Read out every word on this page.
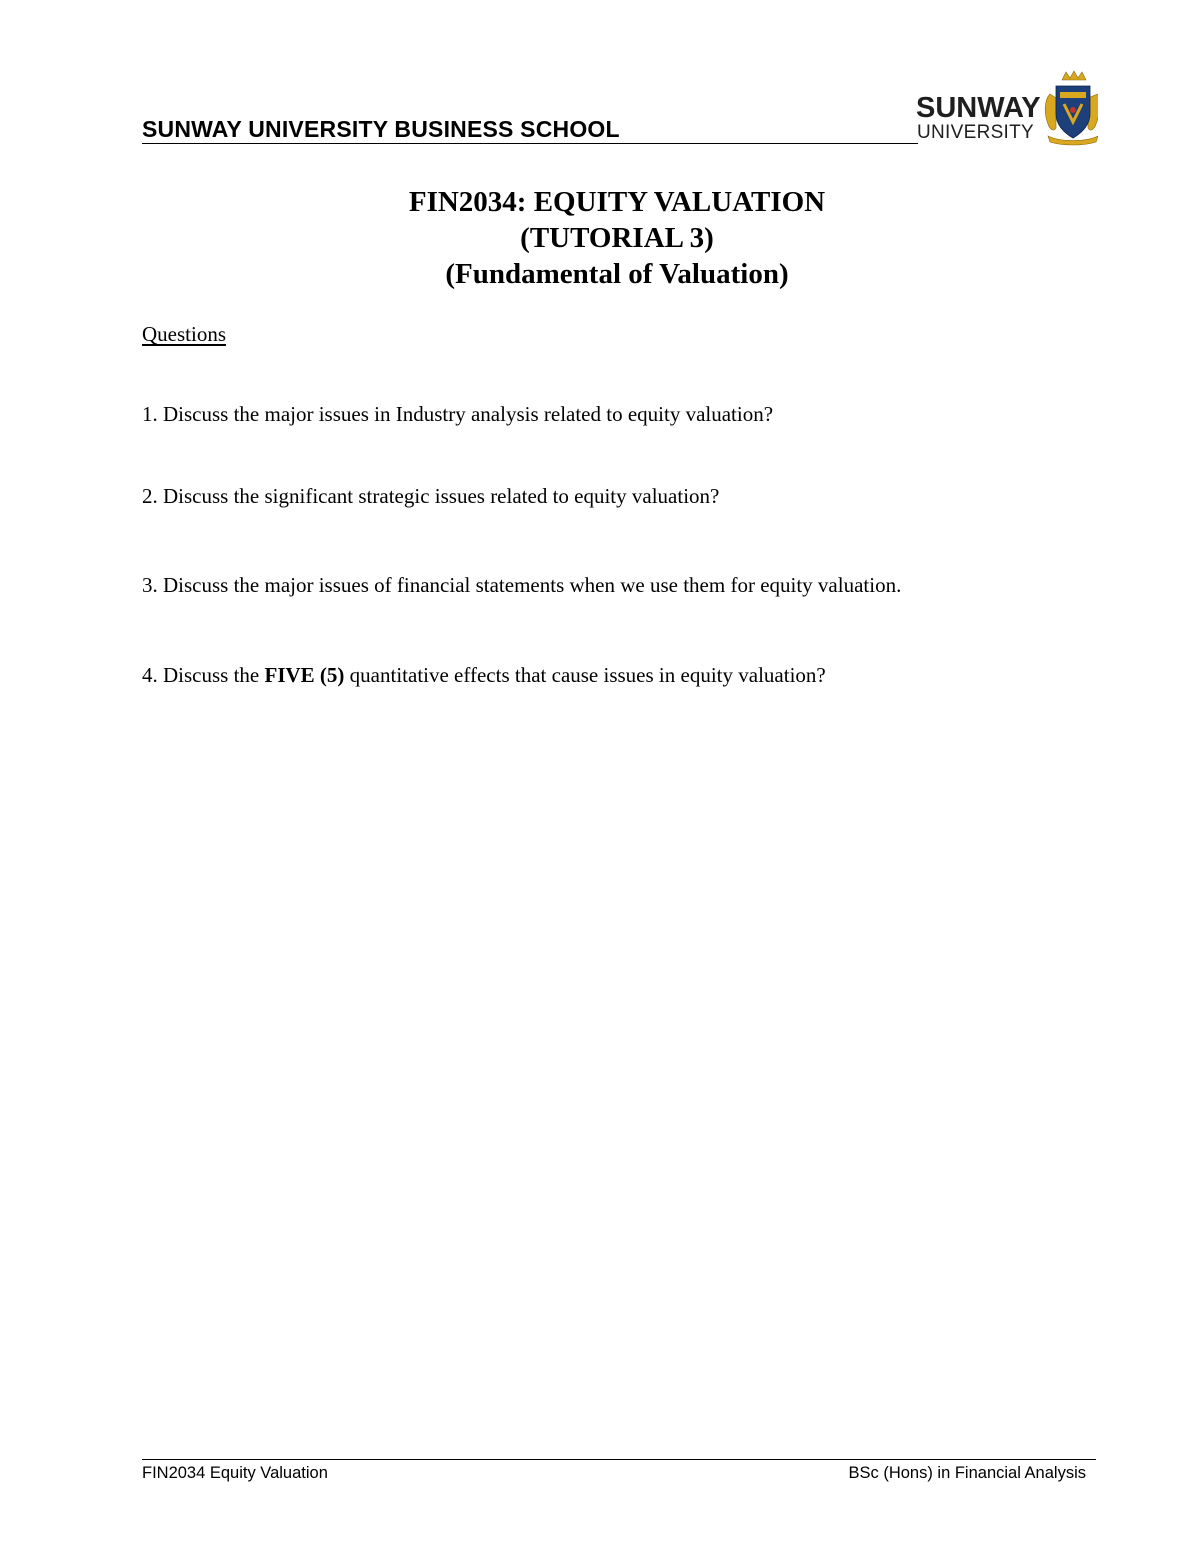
SUNWAY UNIVERSITY BUSINESS SCHOOL
SUNWAY
UNIVERSITY
FIN2034: EQUITY VALUATION
(TUTORIAL 3)
(Fundamental of Valuation)
Questions
1. Discuss the major issues in Industry analysis related to equity valuation?
2. Discuss the significant strategic issues related to equity valuation?
3. Discuss the major issues of financial statements when we use them for equity valuation.
4. Discuss the FIVE (5) quantitative effects that cause issues in equity valuation?
FIN2034 Equity Valuation	BSc (Hons) in Financial Analysis
